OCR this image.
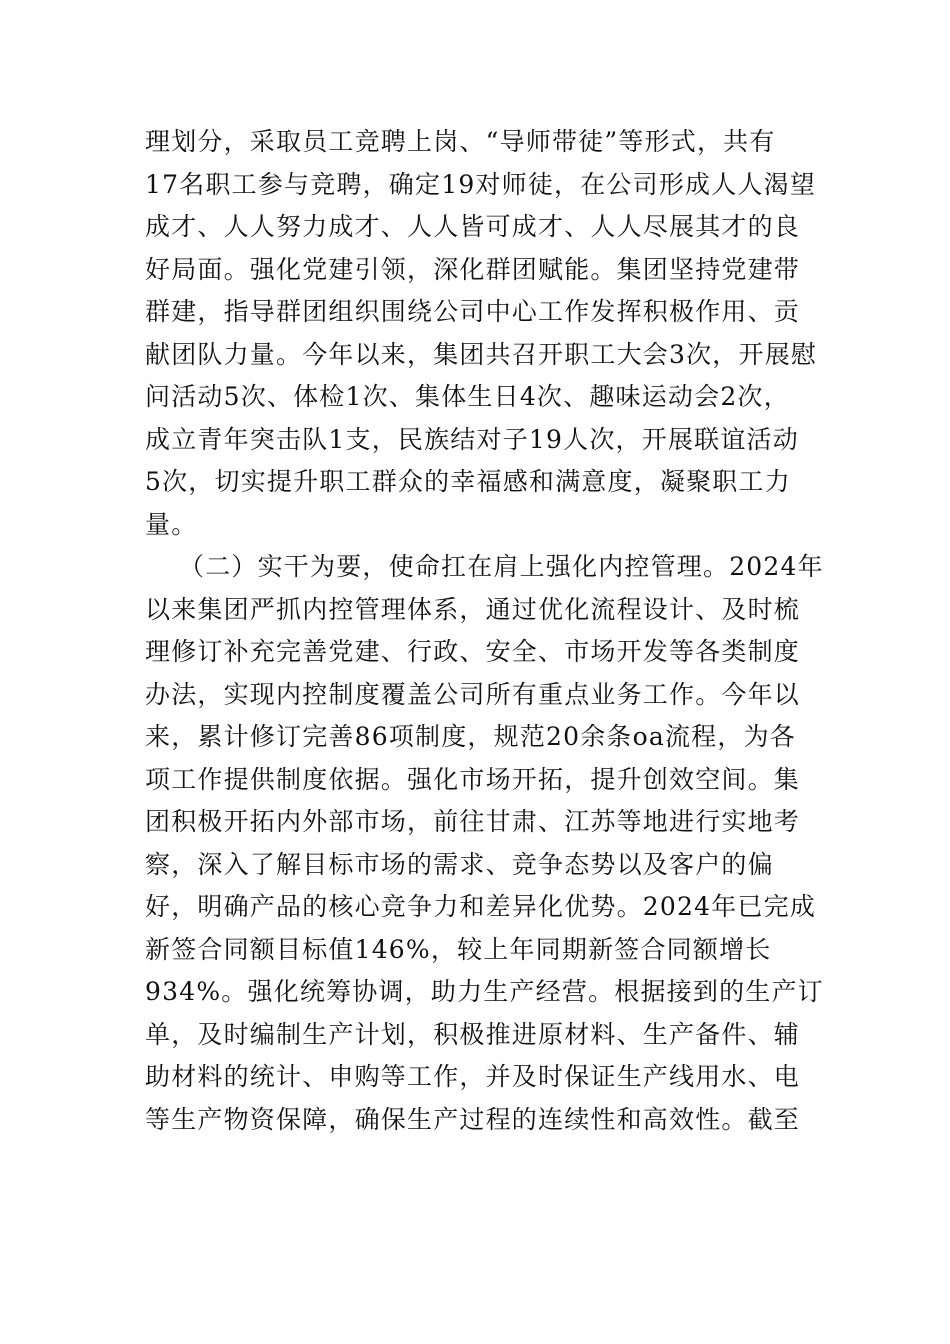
理划分，采取员工竞聘上岗、“导师带徒”等形式，共有
17名职工参与竞聘，确定19对师徒，在公司形成人人渴望
成才、人人努力成才、人人皆可成才、人人尽展其才的良
好局面。强化党建引领，深化群团赋能。集团坚持党建带
群建，指导群团组织围绕公司中心工作发挥积极作用、贡
献团队力量。今年以来，集团共召开职工大会3次，开展慰
问活动5次、体检1次、集体生日4次、趣味运动会2次，
成立青年突击队1支，民族结对子19人次，开展联谊活动
5次，切实提升职工群众的幸福感和满意度，凝聚职工力
量。
（二）实干为要，使命扛在肩上强化内控管理。2024年
以来集团严抓内控管理体系，通过优化流程设计、及时梳
理修订补充完善党建、行政、安全、市场开发等各类制度
办法，实现内控制度覆盖公司所有重点业务工作。今年以
来，累计修订完善86项制度，规范20余条oa流程，为各
项工作提供制度依据。强化市场开拓，提升创效空间。集
团积极开拓内外部市场，前往甘肃、江苏等地进行实地考
察，深入了解目标市场的需求、竞争态势以及客户的偏
好，明确产品的核心竞争力和差异化优势。2024年已完成
新签合同额目标值146%，较上年同期新签合同额增长
934%。强化统筹协调，助力生产经营。根据接到的生产订
单，及时编制生产计划，积极推进原材料、生产备件、辅
助材料的统计、申购等工作，并及时保证生产线用水、电
等生产物资保障，确保生产过程的连续性和高效性。截至
